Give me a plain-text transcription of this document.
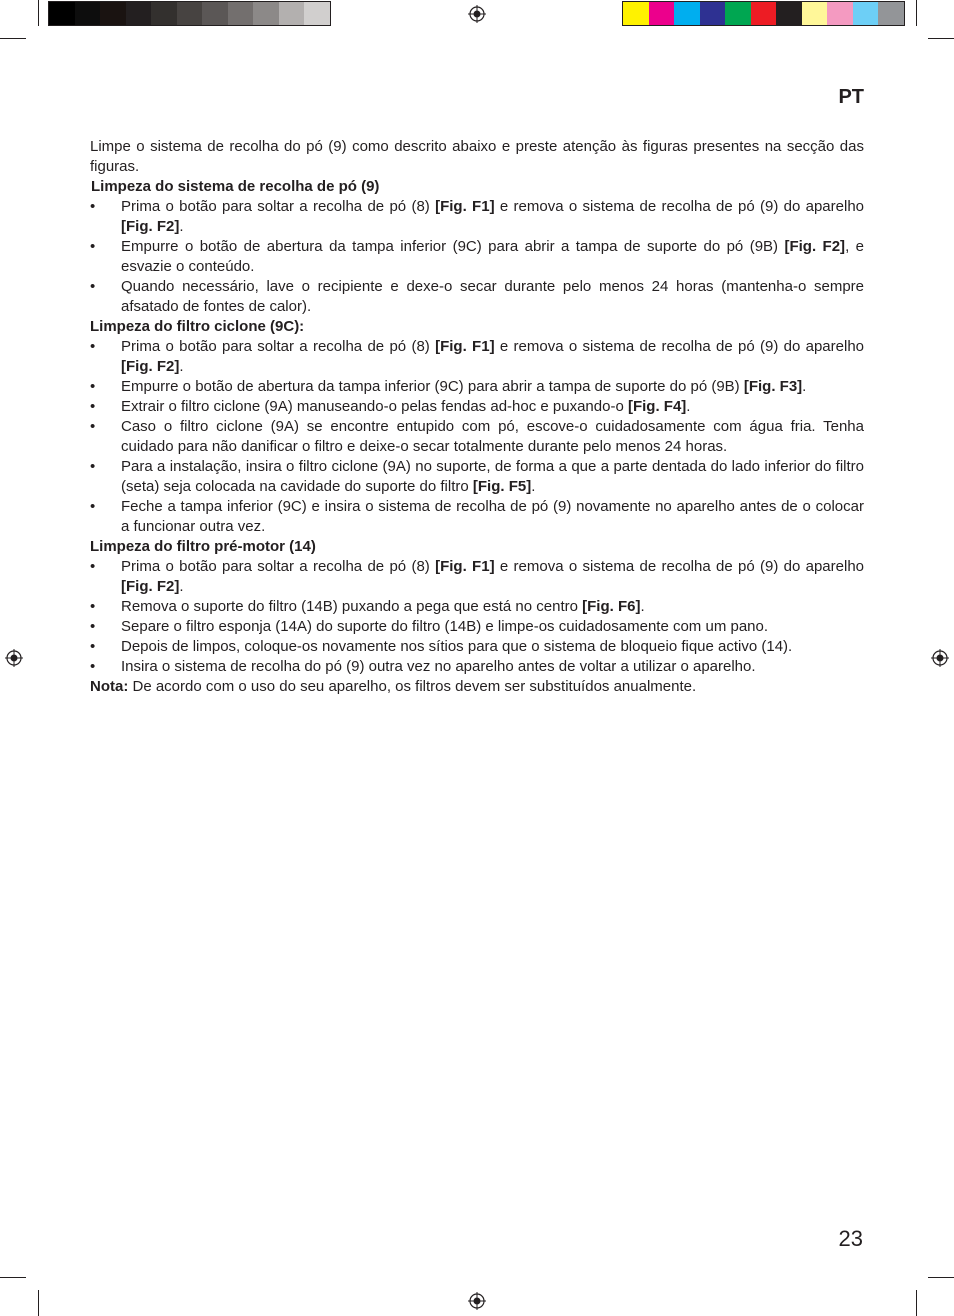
PT

Limpe o sistema de recolha do pó (9) como descrito abaixo e preste atenção às figuras presentes na secção das figuras.

Limpeza do sistema de recolha de pó (9)

• Prima o botão para soltar a recolha de pó (8) [Fig. F1] e remova o sistema de recolha de pó (9) do aparelho [Fig. F2].
• Empurre o botão de abertura da tampa inferior (9C) para abrir a tampa de suporte do pó (9B) [Fig. F2], e esvazie o conteúdo.
• Quando necessário, lave o recipiente e dexe-o secar durante pelo menos 24 horas (mantenha-o sempre afsatado de fontes de calor).

Limpeza do filtro ciclone (9C):

• Prima o botão para soltar a recolha de pó (8) [Fig. F1] e remova o sistema de recolha de pó (9) do aparelho [Fig. F2].
• Empurre o botão de abertura da tampa inferior (9C) para abrir a tampa de suporte do pó (9B) [Fig. F3].
• Extrair o filtro ciclone (9A) manuseando-o pelas fendas ad-hoc e puxando-o [Fig. F4].
• Caso o filtro ciclone (9A) se encontre entupido com pó, escove-o cuidadosamente com água fria. Tenha cuidado para não danificar o filtro e deixe-o secar totalmente durante pelo menos 24 horas.
• Para a instalação, insira o filtro ciclone (9A) no suporte, de forma a que a parte dentada do lado inferior do filtro (seta) seja colocada na cavidade do suporte do filtro [Fig. F5].
• Feche a tampa inferior (9C) e insira o sistema de recolha de pó (9) novamente no aparelho antes de o colocar a funcionar outra vez.

Limpeza do filtro pré-motor (14)

• Prima o botão para soltar a recolha de pó (8) [Fig. F1] e remova o sistema de recolha de pó (9) do aparelho [Fig. F2].
• Remova o suporte do filtro (14B) puxando a pega que está no centro [Fig. F6].
• Separe o filtro esponja (14A) do suporte do filtro (14B) e limpe-os cuidadosamente com um pano.
• Depois de limpos, coloque-os novamente nos sítios para que o sistema de bloqueio fique activo (14).
• Insira o sistema de recolha do pó (9) outra vez no aparelho antes de voltar a utilizar o aparelho.

Nota: De acordo com o uso do seu aparelho, os filtros devem ser substituídos anualmente.

23
